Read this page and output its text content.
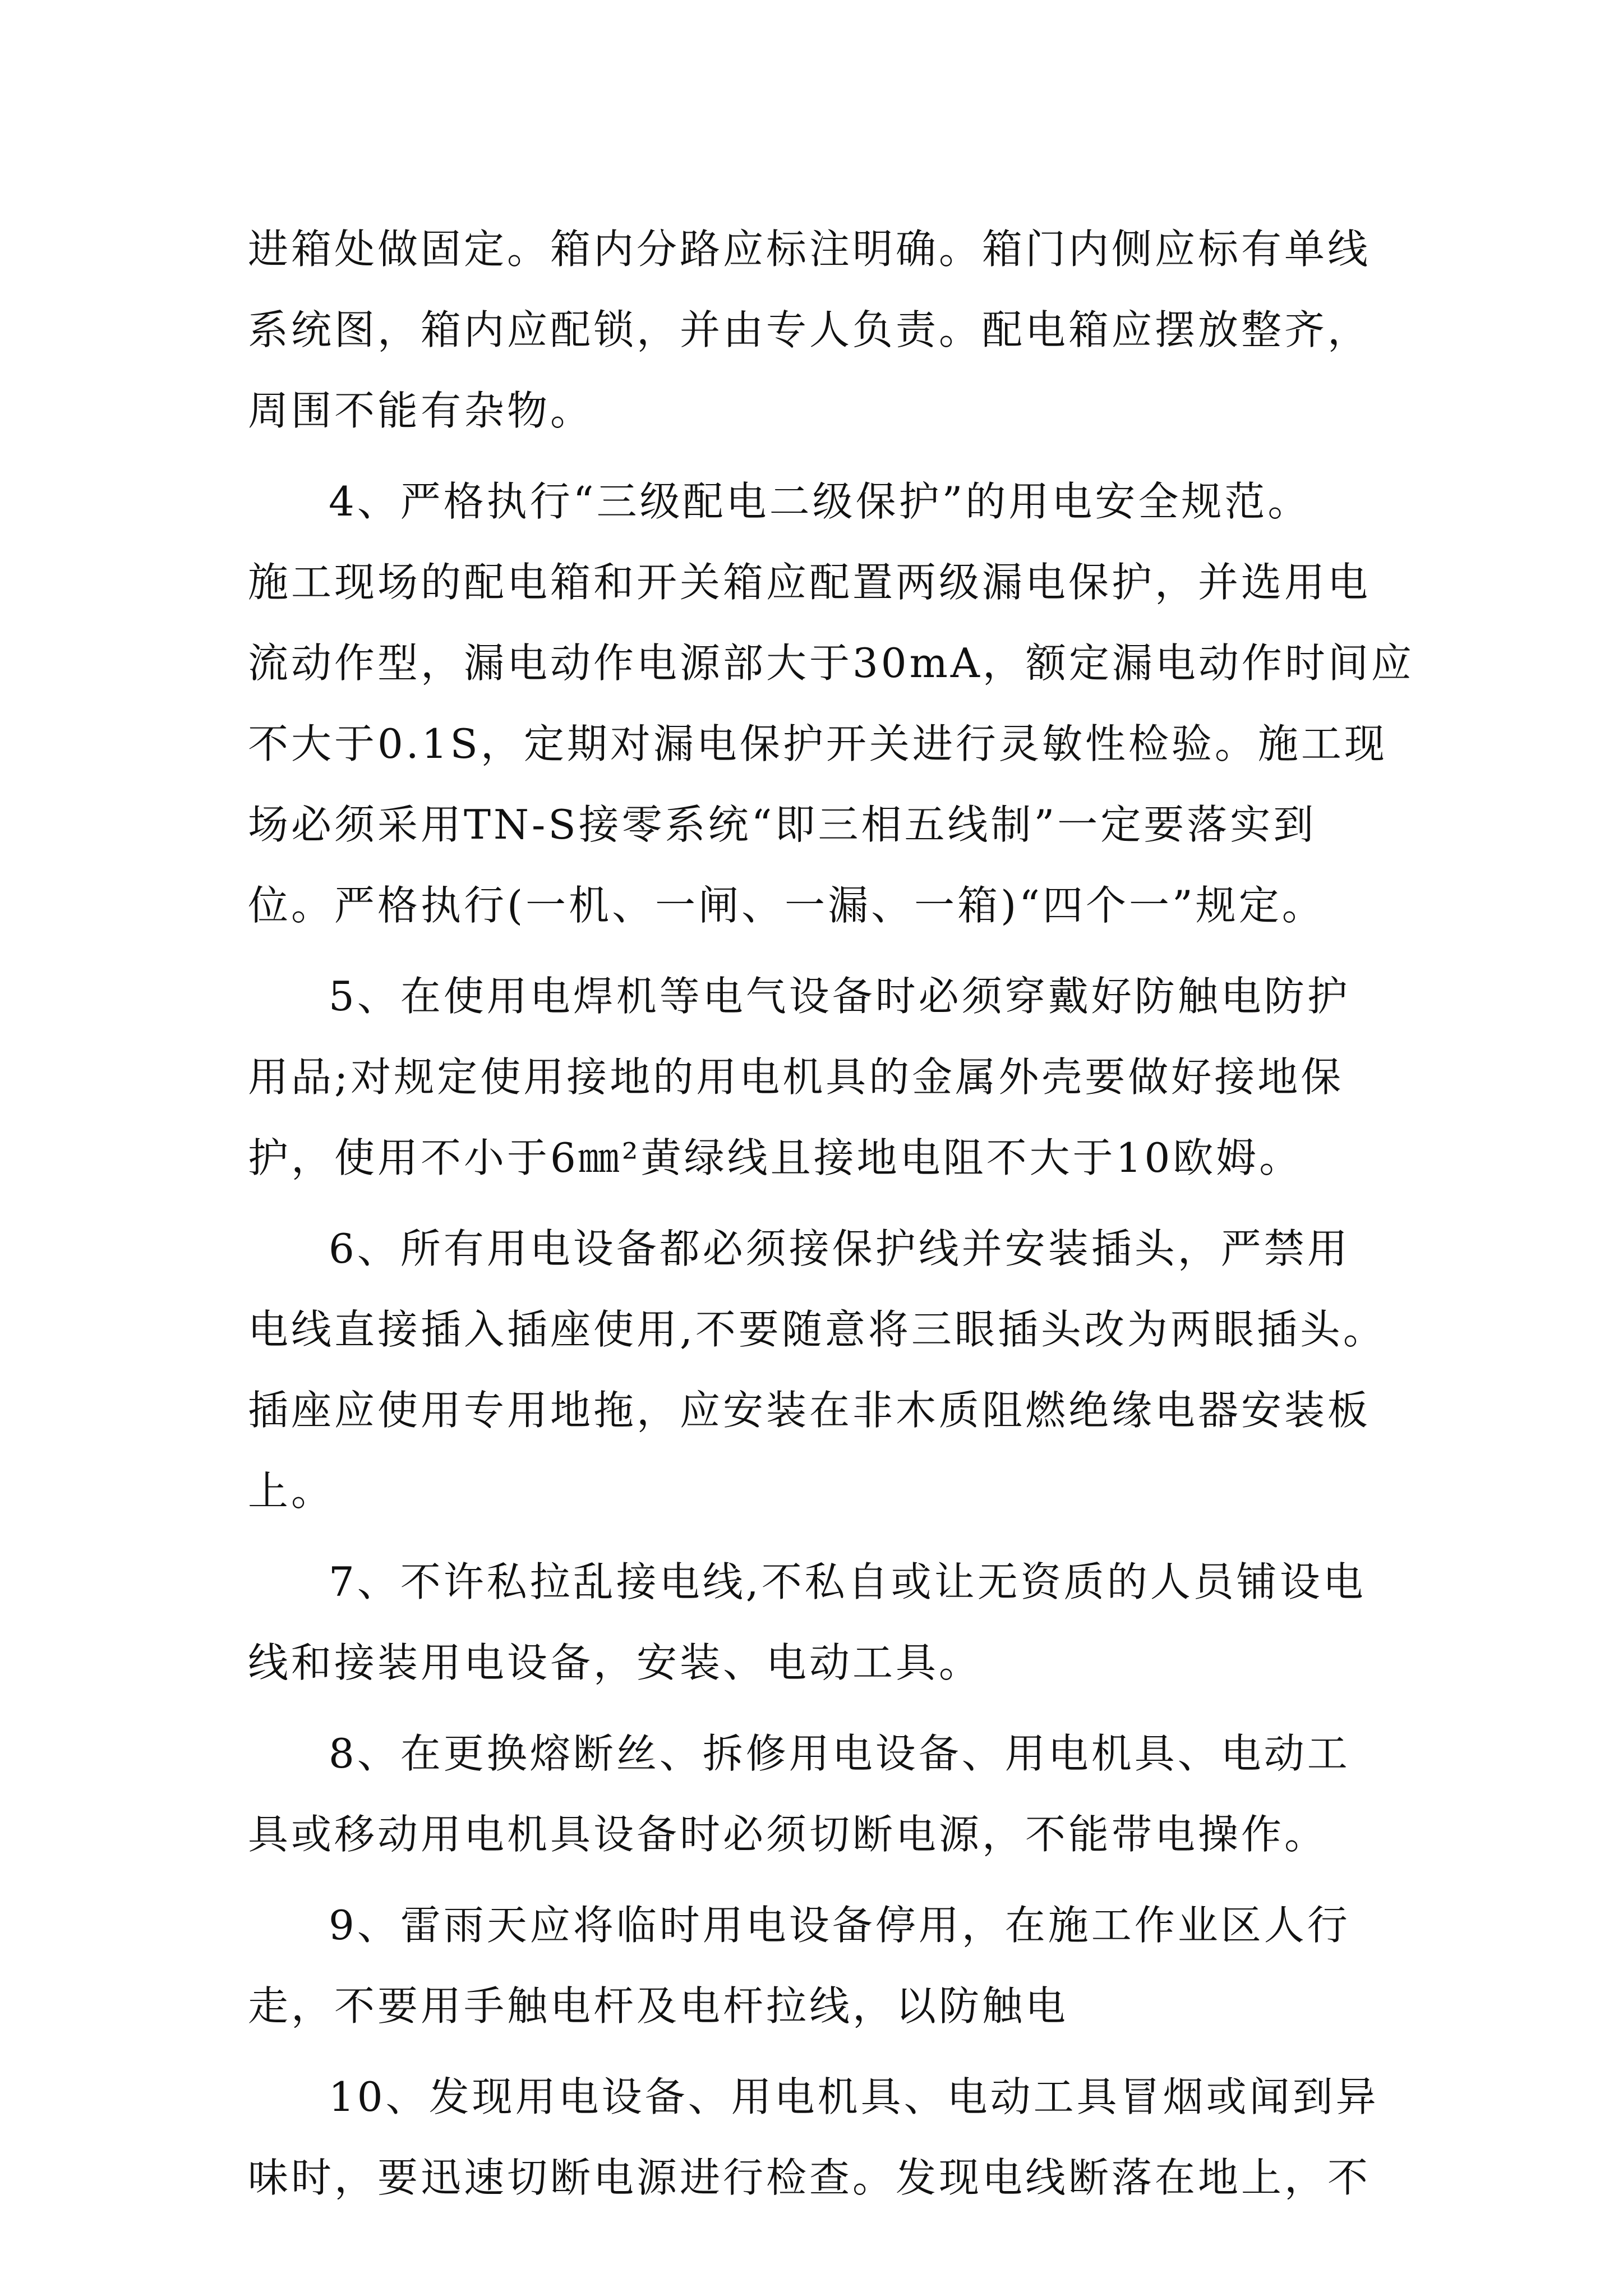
进箱处做固定。箱内分路应标注明确。箱门内侧应标有单线
系统图，箱内应配锁，并由专人负责。配电箱应摆放整齐，
周围不能有杂物。
4、严格执行“三级配电二级保护”的用电安全规范。
施工现场的配电箱和开关箱应配置两级漏电保护，并选用电
流动作型，漏电动作电源部大于30mA，额定漏电动作时间应
不大于0.1S，定期对漏电保护开关进行灵敏性检验。施工现
场必须采用TN-S接零系统“即三相五线制”一定要落实到
位。严格执行(一机、一闸、一漏、一箱)“四个一”规定。
5、在使用电焊机等电气设备时必须穿戴好防触电防护
用品;对规定使用接地的用电机具的金属外壳要做好接地保
护，使用不小于6㎜²黄绿线且接地电阻不大于10欧姆。
6、所有用电设备都必须接保护线并安装插头，严禁用
电线直接插入插座使用,不要随意将三眼插头改为两眼插头。
插座应使用专用地拖，应安装在非木质阻燃绝缘电器安装板
上。
7、不许私拉乱接电线,不私自或让无资质的人员铺设电
线和接装用电设备，安装、电动工具。
8、在更换熔断丝、拆修用电设备、用电机具、电动工
具或移动用电机具设备时必须切断电源，不能带电操作。
9、雷雨天应将临时用电设备停用，在施工作业区人行
走，不要用手触电杆及电杆拉线，以防触电
10、发现用电设备、用电机具、电动工具冒烟或闻到异
味时，要迅速切断电源进行检查。发现电线断落在地上，不
